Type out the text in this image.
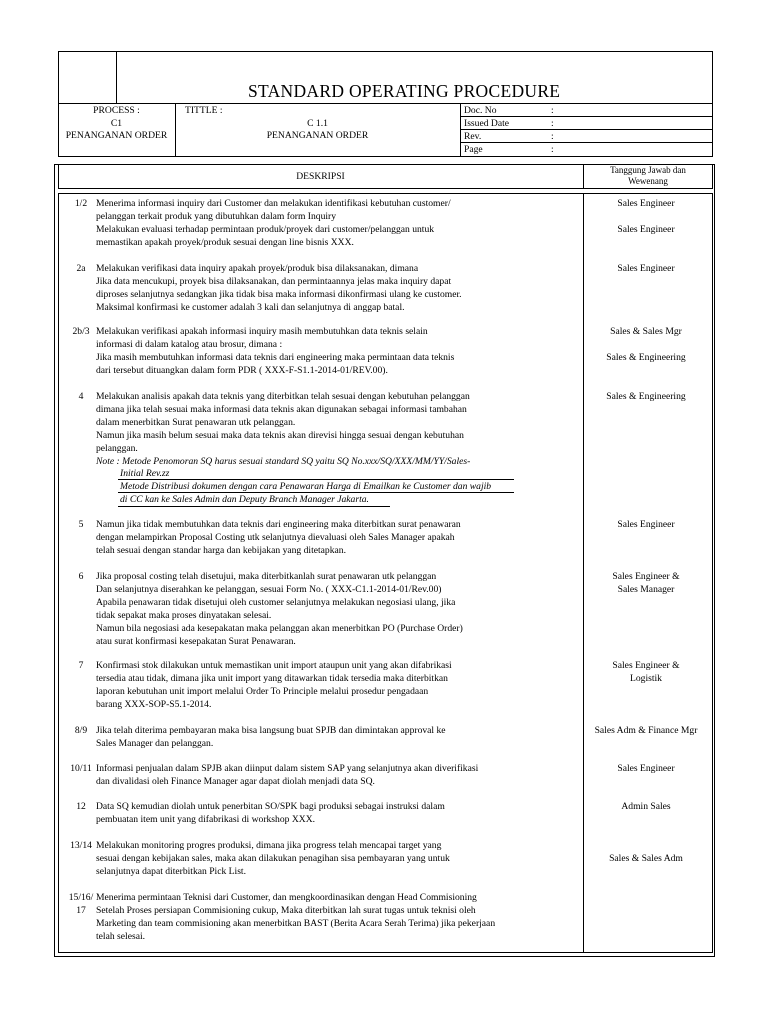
STANDARD OPERATING PROCEDURE
PROCESS :
C1
PENANGANAN ORDER
TITTLE :
C 1.1
PENANGANAN ORDER
Doc. No	:
Issued Date	:
Rev.	:
Page	:
DESKRIPSI
Tanggung Jawab dan
Wewenang
1/2 Menerima informasi inquiry dari Customer dan melakukan identifikasi kebutuhan customer/
pelanggan terkait produk yang dibutuhkan dalam form Inquiry
Melakukan evaluasi terhadap permintaan produk/proyek dari customer/pelanggan untuk
memastikan apakah proyek/produk sesuai dengan line bisnis XXX.
Sales Engineer

Sales Engineer
2a	Melakukan verifikasi data inquiry apakah proyek/produk bisa dilaksanakan, dimana
Jika data mencukupi, proyek bisa dilaksanakan, dan permintaannya jelas maka inquiry dapat
diproses selanjutnya sedangkan jika tidak bisa maka informasi dikonfirmasi ulang ke customer.
Maksimal konfirmasi ke customer adalah 3 kali dan selanjutnya di anggap batal.
Sales Engineer
2b/3 Melakukan verifikasi apakah informasi inquiry masih membutuhkan data teknis selain
informasi di dalam katalog atau brosur, dimana :
Jika masih membutuhkan informasi data teknis dari engineering maka permintaan data teknis
dari tersebut dituangkan dalam form PDR ( XXX-F-S1.1-2014-01/REV.00).
Sales & Sales Mgr

Sales & Engineering
4	Melakukan analisis apakah data teknis yang diterbitkan telah sesuai dengan kebutuhan pelanggan
dimana jika telah sesuai maka informasi data teknis akan digunakan sebagai informasi tambahan
dalam menerbitkan Surat penawaran utk pelanggan.
Namun jika masih belum sesuai maka data teknis akan direvisi hingga sesuai dengan kebutuhan
pelanggan.
Note : Metode Penomoran SQ harus sesuai standard SQ yaitu SQ No.xxx/SQ/XXX/MM/YY/Sales-
Initial Rev.zz
Metode Distribusi dokumen dengan cara Penawaran Harga di Emailkan ke Customer dan wajib
di CC kan ke Sales Admin dan Deputy Branch Manager Jakarta.
Sales & Engineering
5	Namun jika tidak membutuhkan data teknis dari engineering maka diterbitkan surat penawaran
dengan melampirkan Proposal Costing utk selanjutnya dievaluasi oleh Sales Manager apakah
telah sesuai dengan standar harga dan kebijakan yang ditetapkan.
Sales Engineer
6	Jika proposal costing telah disetujui, maka diterbitkanlah surat penawaran utk pelanggan
Dan selanjutnya diserahkan ke pelanggan, sesuai Form No. ( XXX-C1.1-2014-01/Rev.00)
Apabila penawaran tidak disetujui oleh customer selanjutnya melakukan negosiasi ulang, jika
tidak sepakat maka proses dinyatakan selesai.
Namun bila negosiasi ada kesepakatan maka pelanggan akan menerbitkan PO (Purchase Order)
atau surat konfirmasi kesepakatan Surat Penawaran.
Sales Engineer &
Sales Manager
7	Konfirmasi stok dilakukan untuk memastikan unit import ataupun unit yang akan difabrikasi
tersedia atau tidak, dimana jika unit import yang ditawarkan tidak tersedia maka diterbitkan
laporan kebutuhan unit import melalui Order To Principle melalui prosedur pengadaan
barang XXX-SOP-S5.1-2014.
Sales Engineer &
Logistik
8/9 Jika telah diterima pembayaran maka bisa langsung buat SPJB dan dimintakan approval ke
Sales Manager dan pelanggan.
Sales Adm & Finance Mgr
10/11 Informasi penjualan dalam SPJB akan diinput dalam sistem SAP yang selanjutnya akan diverifikasi
dan divalidasi oleh Finance Manager agar dapat diolah menjadi data SQ.
Sales Engineer
12	Data SQ kemudian diolah untuk penerbitan SO/SPK bagi produksi sebagai instruksi dalam
pembuatan item unit yang difabrikasi di workshop XXX.
Admin Sales
13/14 Melakukan monitoring progres produksi, dimana jika progress telah mencapai target yang
sesuai dengan kebijakan sales, maka akan dilakukan penagihan sisa pembayaran yang untuk
selanjutnya dapat diterbitkan Pick List.

Sales & Sales Adm
15/16/
17
Menerima permintaan Teknisi dari Customer, dan mengkoordinasikan dengan Head Commisioning
Setelah Proses persiapan Commisioning cukup, Maka diterbitkan lah surat tugas untuk teknisi oleh
Marketing dan team commisioning akan menerbitkan BAST (Berita Acara Serah Terima) jika pekerjaan
telah selesai.
